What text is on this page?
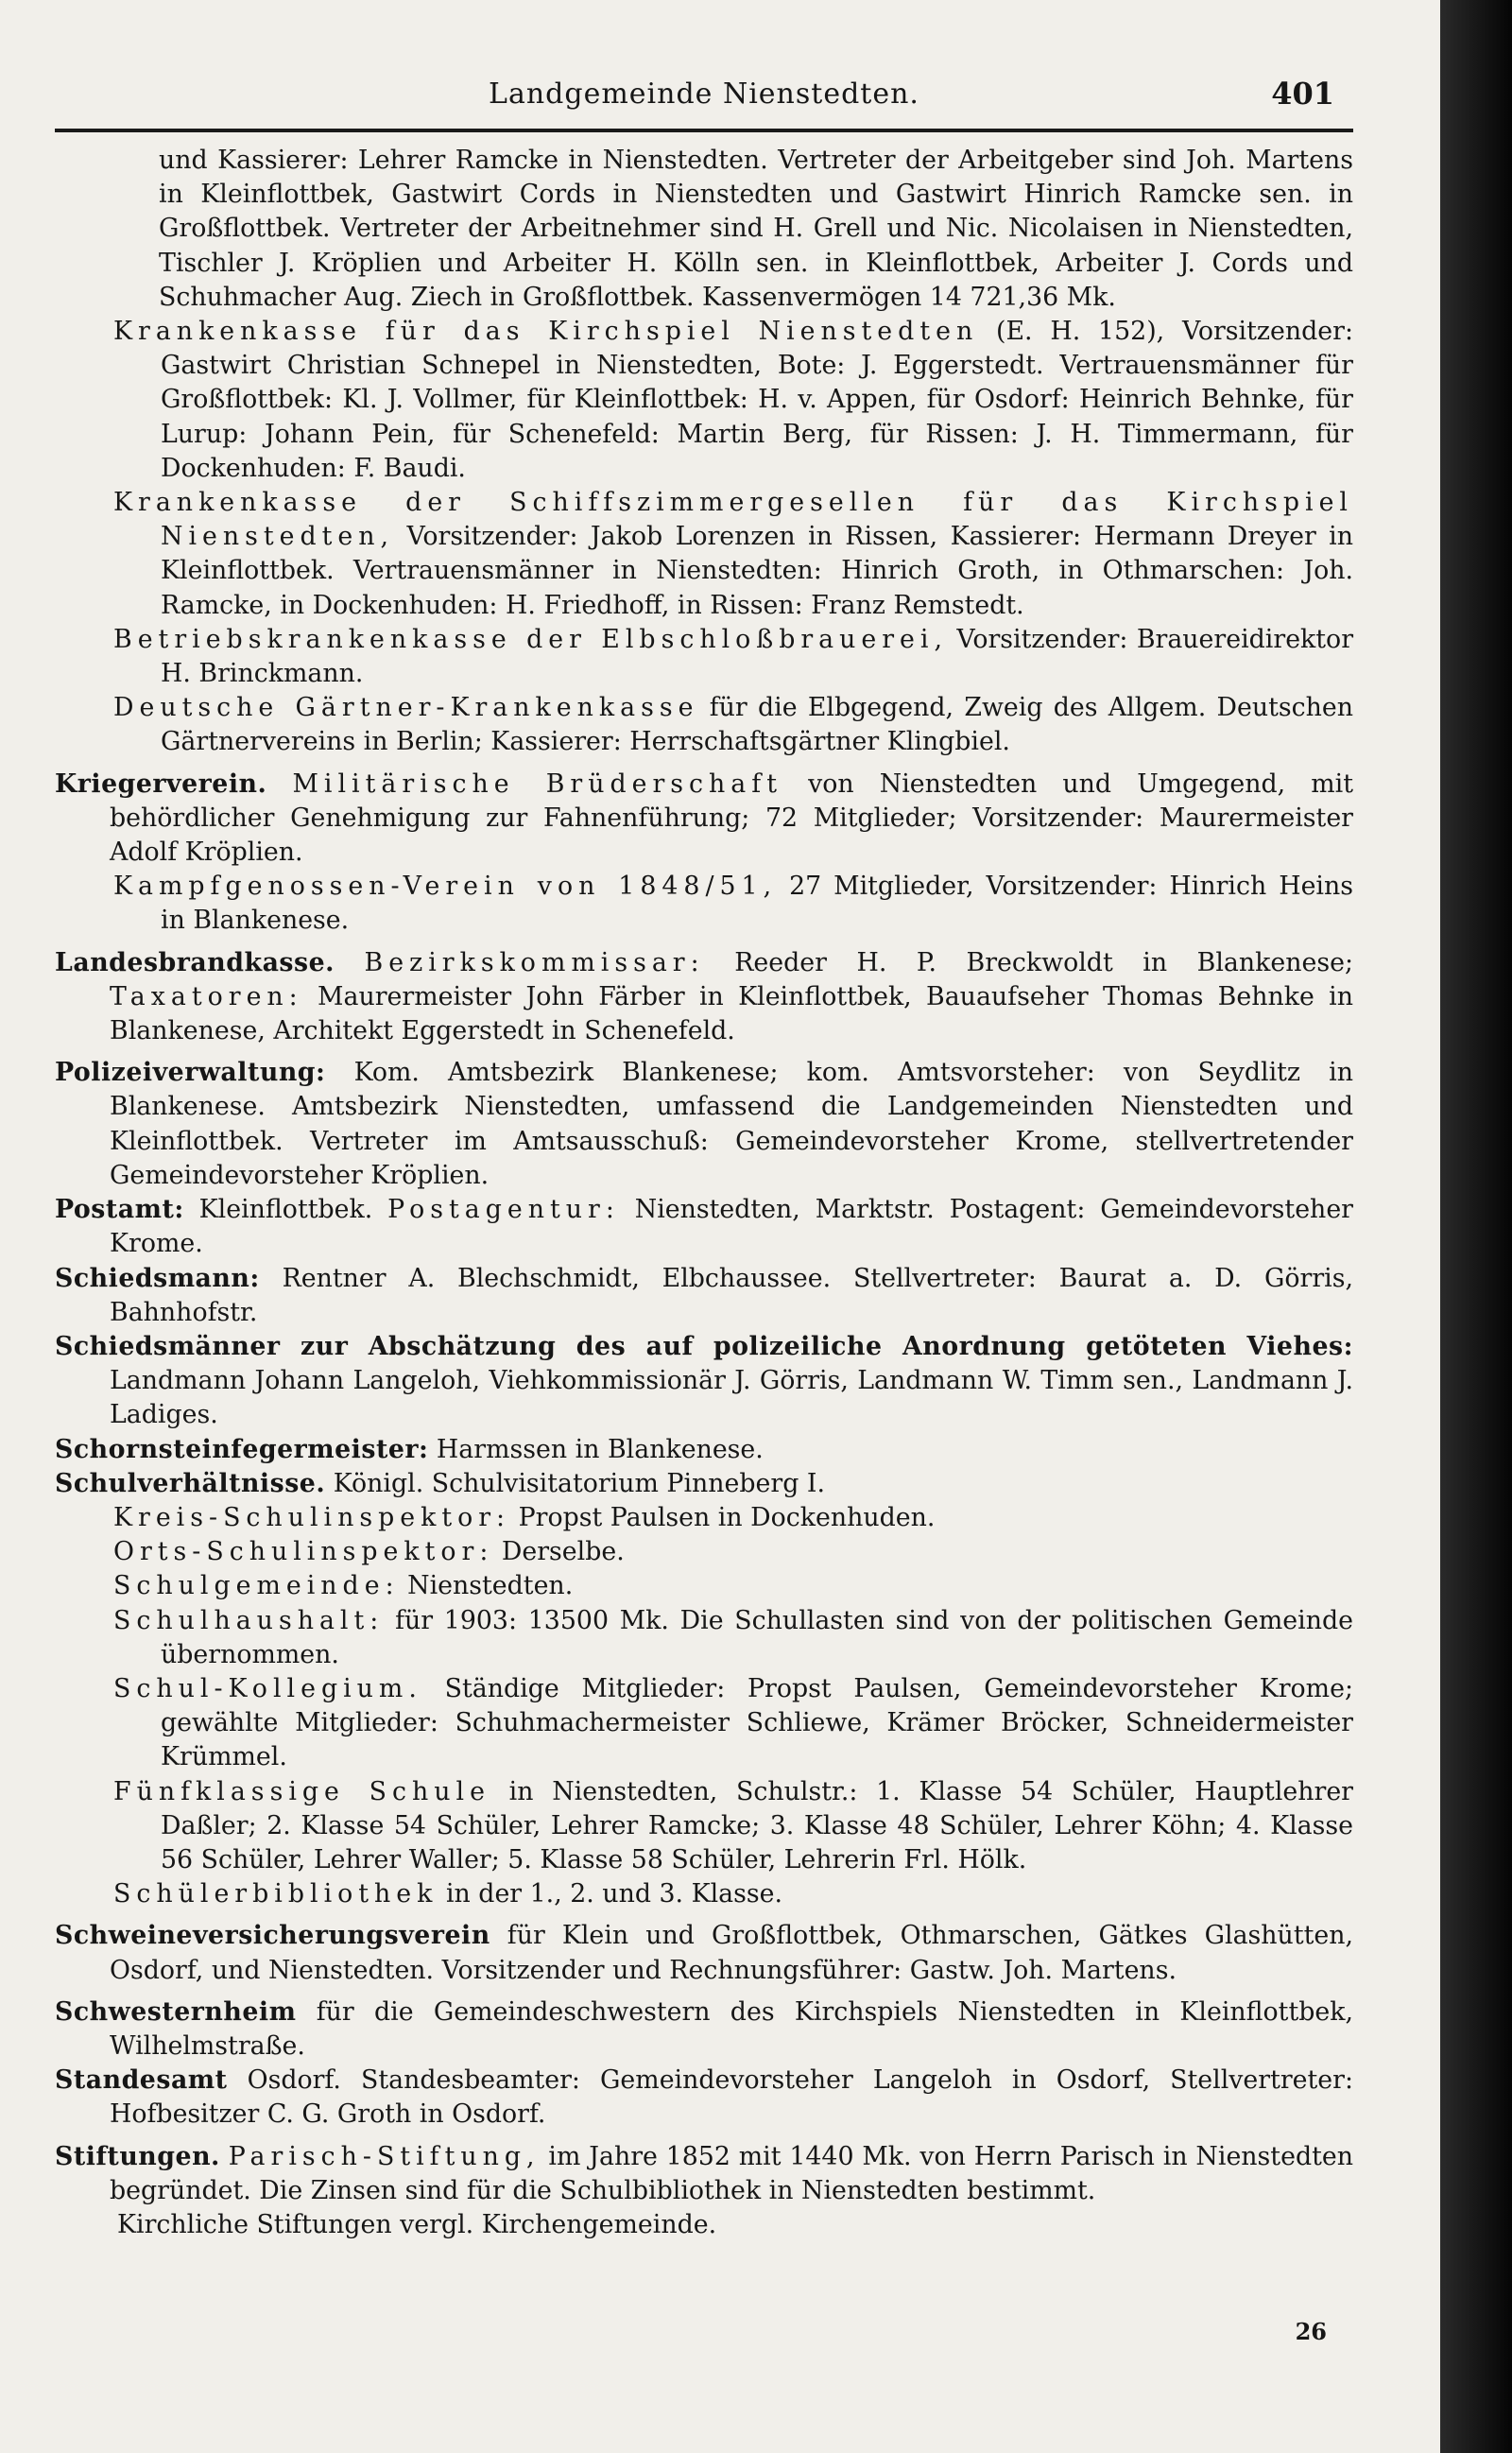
Landgemeinde Nienstedten.	401

und Kassierer: Lehrer Ramcke in Nienstedten. Vertreter der Arbeitgeber sind Joh. Martens in Kleinflottbek, Gastwirt Cords in Nienstedten und Gastwirt Hinrich Ramcke sen. in Großflottbek. Vertreter der Arbeitnehmer sind H. Grell und Nic. Nicolaisen in Nienstedten, Tischler J. Kröplien und Arbeiter H. Kölln sen. in Kleinflottbek, Arbeiter J. Cords und Schuhmacher Aug. Ziech in Großflottbek. Kassenvermögen 14 721,36 Mk.

Krankenkasse für das Kirchspiel Nienstedten (E. H. 152), Vorsitzender: Gastwirt Christian Schnepel in Nienstedten, Bote: J. Eggerstedt. Vertrauensmänner für Großflottbek: Kl. J. Vollmer, für Kleinflottbek: H. v. Appen, für Osdorf: Heinrich Behnke, für Lurup: Johann Pein, für Schenefeld: Martin Berg, für Rissen: J. H. Timmermann, für Dockenhuden: F. Baudi.

Krankenkasse der Schiffszimmergesellen für das Kirchspiel Nienstedten, Vorsitzender: Jakob Lorenzen in Rissen, Kassierer: Hermann Dreyer in Kleinflottbek. Vertrauensmänner in Nienstedten: Hinrich Groth, in Othmarschen: Joh. Ramcke, in Dockenhuden: H. Friedhoff, in Rissen: Franz Remstedt.

Betriebskrankenkasse der Elbschloßbrauerei, Vorsitzender: Brauereidirektor H. Brinckmann.

Deutsche Gärtner-Krankenkasse für die Elbgegend, Zweig des Allgem. Deutschen Gärtnervereins in Berlin; Kassierer: Herrschaftsgärtner Klingbiel.

Kriegerverein. Militärische Brüderschaft von Nienstedten und Umgegend, mit behördlicher Genehmigung zur Fahnenführung; 72 Mitglieder; Vorsitzender: Maurermeister Adolf Kröplien.

Kampfgenossen-Verein von 1848/51, 27 Mitglieder, Vorsitzender: Hinrich Heins in Blankenese.

Landesbrandkasse. Bezirkskommissar: Reeder H. P. Breckwoldt in Blankenese; Taxatoren: Maurermeister John Färber in Kleinflottbek, Bauaufseher Thomas Behnke in Blankenese, Architekt Eggerstedt in Schenefeld.

Polizeiverwaltung: Kom. Amtsbezirk Blankenese; kom. Amtsvorsteher: von Seydlitz in Blankenese. Amtsbezirk Nienstedten, umfassend die Landgemeinden Nienstedten und Kleinflottbek. Vertreter im Amtsausschuß: Gemeindevorsteher Krome, stellvertretender Gemeindevorsteher Kröplien.

Postamt: Kleinflottbek. Postagentur: Nienstedten, Marktstr. Postagent: Gemeindevorsteher Krome.

Schiedsmann: Rentner A. Blechschmidt, Elbchaussee. Stellvertreter: Baurat a. D. Görris, Bahnhofstr.

Schiedsmänner zur Abschätzung des auf polizeiliche Anordnung getöteten Viehes: Landmann Johann Langeloh, Viehkommissionär J. Görris, Landmann W. Timm sen., Landmann J. Ladiges.

Schornsteinfegermeister: Harmssen in Blankenese.

Schulverhältnisse. Königl. Schulvisitatorium Pinneberg I.

Kreis-Schulinspektor: Propst Paulsen in Dockenhuden.

Orts-Schulinspektor: Derselbe.

Schulgemeinde: Nienstedten.

Schulhaushalt: für 1903: 13500 Mk. Die Schullasten sind von der politischen Gemeinde übernommen.

Schul-Kollegium. Ständige Mitglieder: Propst Paulsen, Gemeindevorsteher Krome; gewählte Mitglieder: Schuhmachermeister Schliewe, Krämer Bröcker, Schneidermeister Krümmel.

Fünfklassige Schule in Nienstedten, Schulstr.: 1. Klasse 54 Schüler, Hauptlehrer Daßler; 2. Klasse 54 Schüler, Lehrer Ramcke; 3. Klasse 48 Schüler, Lehrer Köhn; 4. Klasse 56 Schüler, Lehrer Waller; 5. Klasse 58 Schüler, Lehrerin Frl. Hölk.

Schülerbibliothek in der 1., 2. und 3. Klasse.

Schweineversicherungsverein für Klein und Großflottbek, Othmarschen, Gätkes Glashütten, Osdorf, und Nienstedten. Vorsitzender und Rechnungsführer: Gastw. Joh. Martens.

Schwesternheim für die Gemeindeschwestern des Kirchspiels Nienstedten in Kleinflottbek, Wilhelmstraße.

Standesamt Osdorf. Standesbeamter: Gemeindevorsteher Langeloh in Osdorf, Stellvertreter: Hofbesitzer C. G. Groth in Osdorf.

Stiftungen. Parisch-Stiftung, im Jahre 1852 mit 1440 Mk. von Herrn Parisch in Nienstedten begründet. Die Zinsen sind für die Schulbibliothek in Nienstedten bestimmt.

Kirchliche Stiftungen vergl. Kirchengemeinde.

26
